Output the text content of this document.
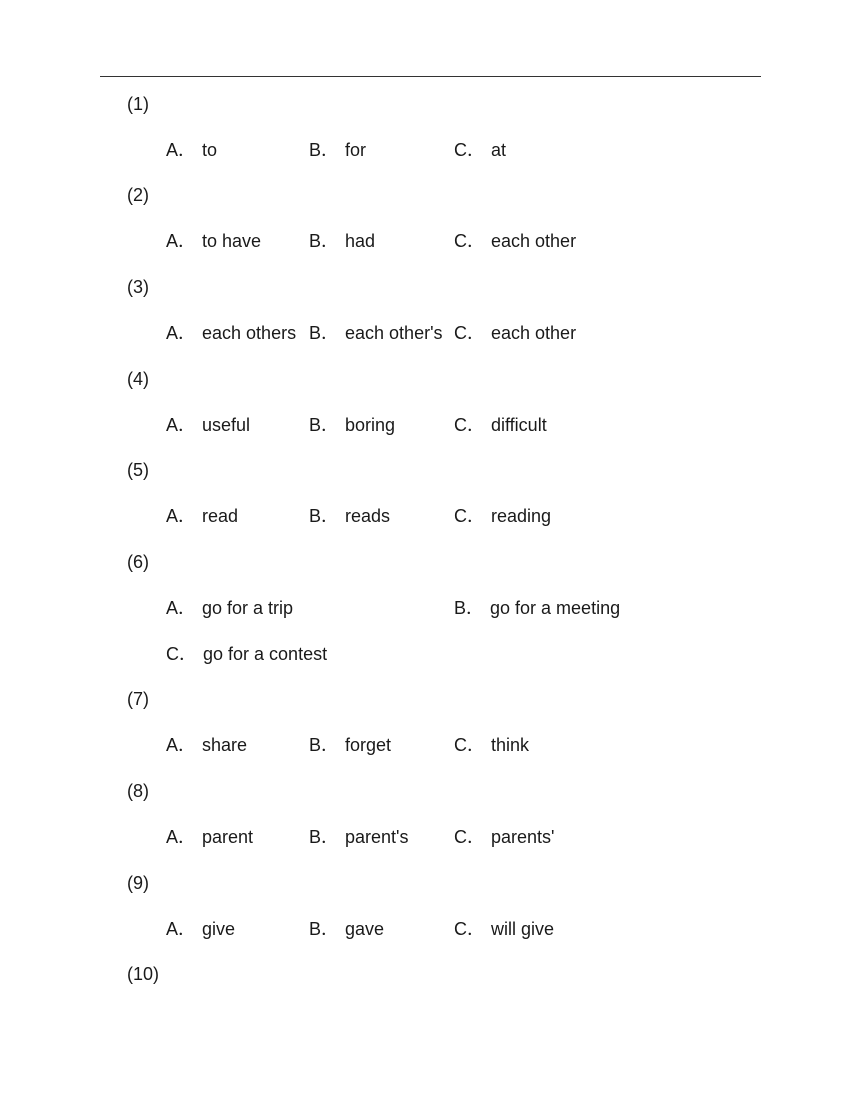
(1)
A． to	B． for	C． at
(2)
A． to have	B． had	C． each other
(3)
A． each others B． each other's C． each other
(4)
A． useful	B． boring	C． difficult
(5)
A． read	B． reads	C． reading
(6)
A． go for a trip	B． go for a meeting
C． go for a contest
(7)
A． share	B． forget	C． think
(8)
A． parent	B． parent's	C． parents'
(9)
A． give	B． gave	C． will give
(10)
